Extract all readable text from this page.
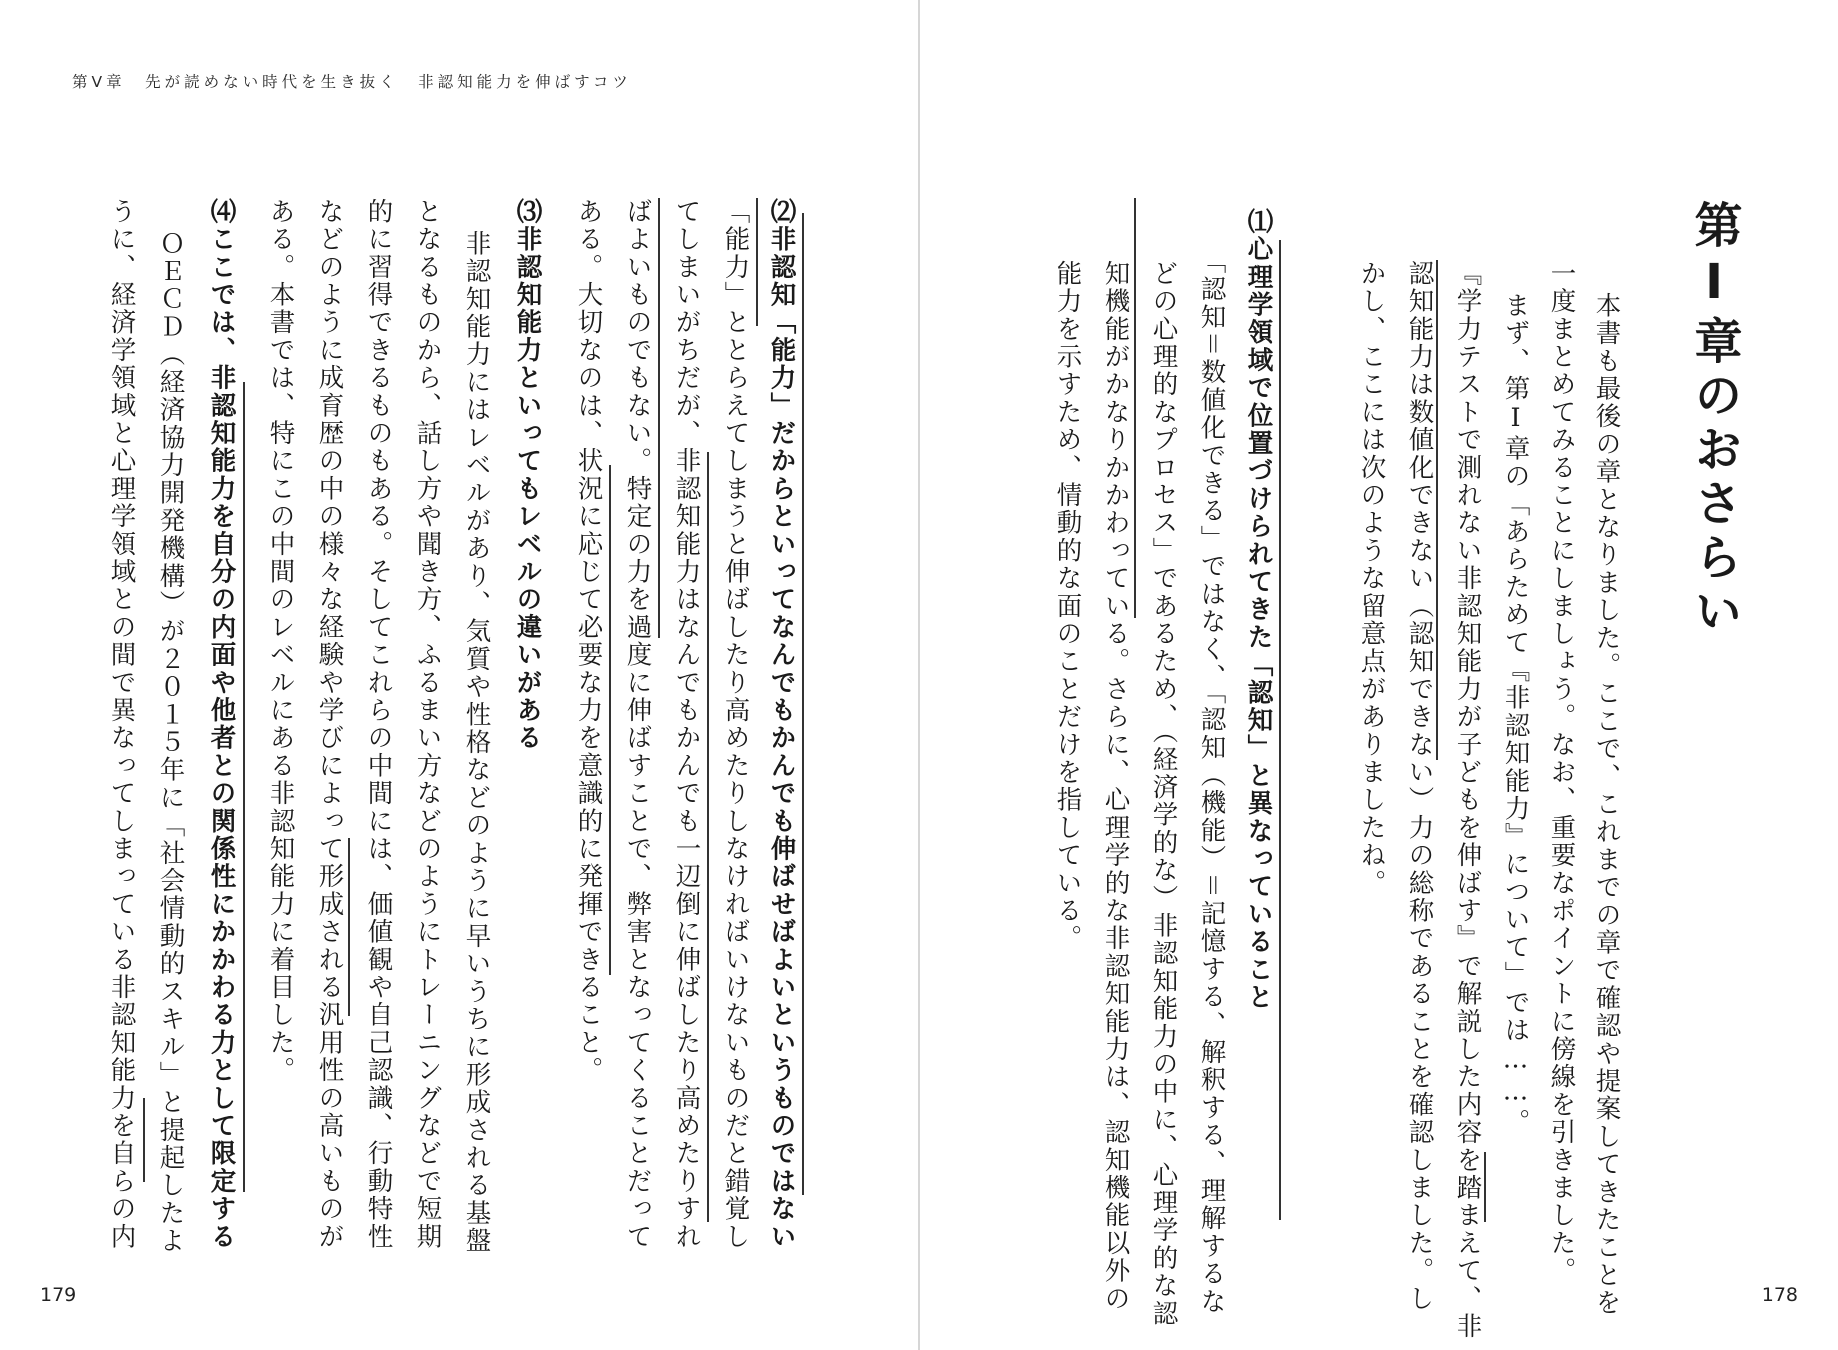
第Ⅴ章　先が読めない時代を生き抜く　非認知能力を伸ばすコツ
⑵非認知「能力」だからといってなんでもかんでも伸ばせばよいというものではない
「能力」ととらえてしまうと伸ばしたり高めたりしなければいけないものだと錯覚し
てしまいがちだが、非認知能力はなんでもかんでも一辺倒に伸ばしたり高めたりすれ
ばよいものでもない。特定の力を過度に伸ばすことで、弊害となってくることだって
ある。大切なのは、状況に応じて必要な力を意識的に発揮できること。
⑶非認知能力といってもレベルの違いがある
非認知能力にはレベルがあり、気質や性格などのように早いうちに形成される基盤
となるものから、話し方や聞き方、ふるまい方などのようにトレーニングなどで短期
的に習得できるものもある。そしてこれらの中間には、価値観や自己認識、行動特性
などのように成育歴の中の様々な経験や学びによって形成される汎用性の高いものが
ある。本書では、特にこの中間のレベルにある非認知能力に着目した。
⑷ここでは、非認知能力を自分の内面や他者との関係性にかかわる力として限定する
ＯＥＣＤ（経済協力開発機構）が２０１５年に「社会情動的スキル」と提起したよ
うに、経済学領域と心理学領域との間で異なってしまっている非認知能力を自らの内
179	178
第Ⅰ章のおさらい
本書も最後の章となりました。ここで、これまでの章で確認や提案してきたことを
一度まとめてみることにしましょう。なお、重要なポイントに傍線を引きました。
まず、第Ⅰ章の「あらためて『非認知能力』について」では……。
『学力テストで測れない非認知能力が子どもを伸ばす』で解説した内容を踏まえて、非
認知能力は数値化できない（認知できない）力の総称であることを確認しました。し
かし、ここには次のような留意点がありましたね。
⑴心理学領域で位置づけられてきた「認知」と異なっていること
「認知＝数値化できる」ではなく、「認知（機能）＝記憶する、解釈する、理解するな
どの心理的なプロセス」であるため、（経済学的な）非認知能力の中に、心理学的な認
知機能がかなりかかわっている。さらに、心理学的な非認知能力は、認知機能以外の
能力を示すため、情動的な面のことだけを指している。
